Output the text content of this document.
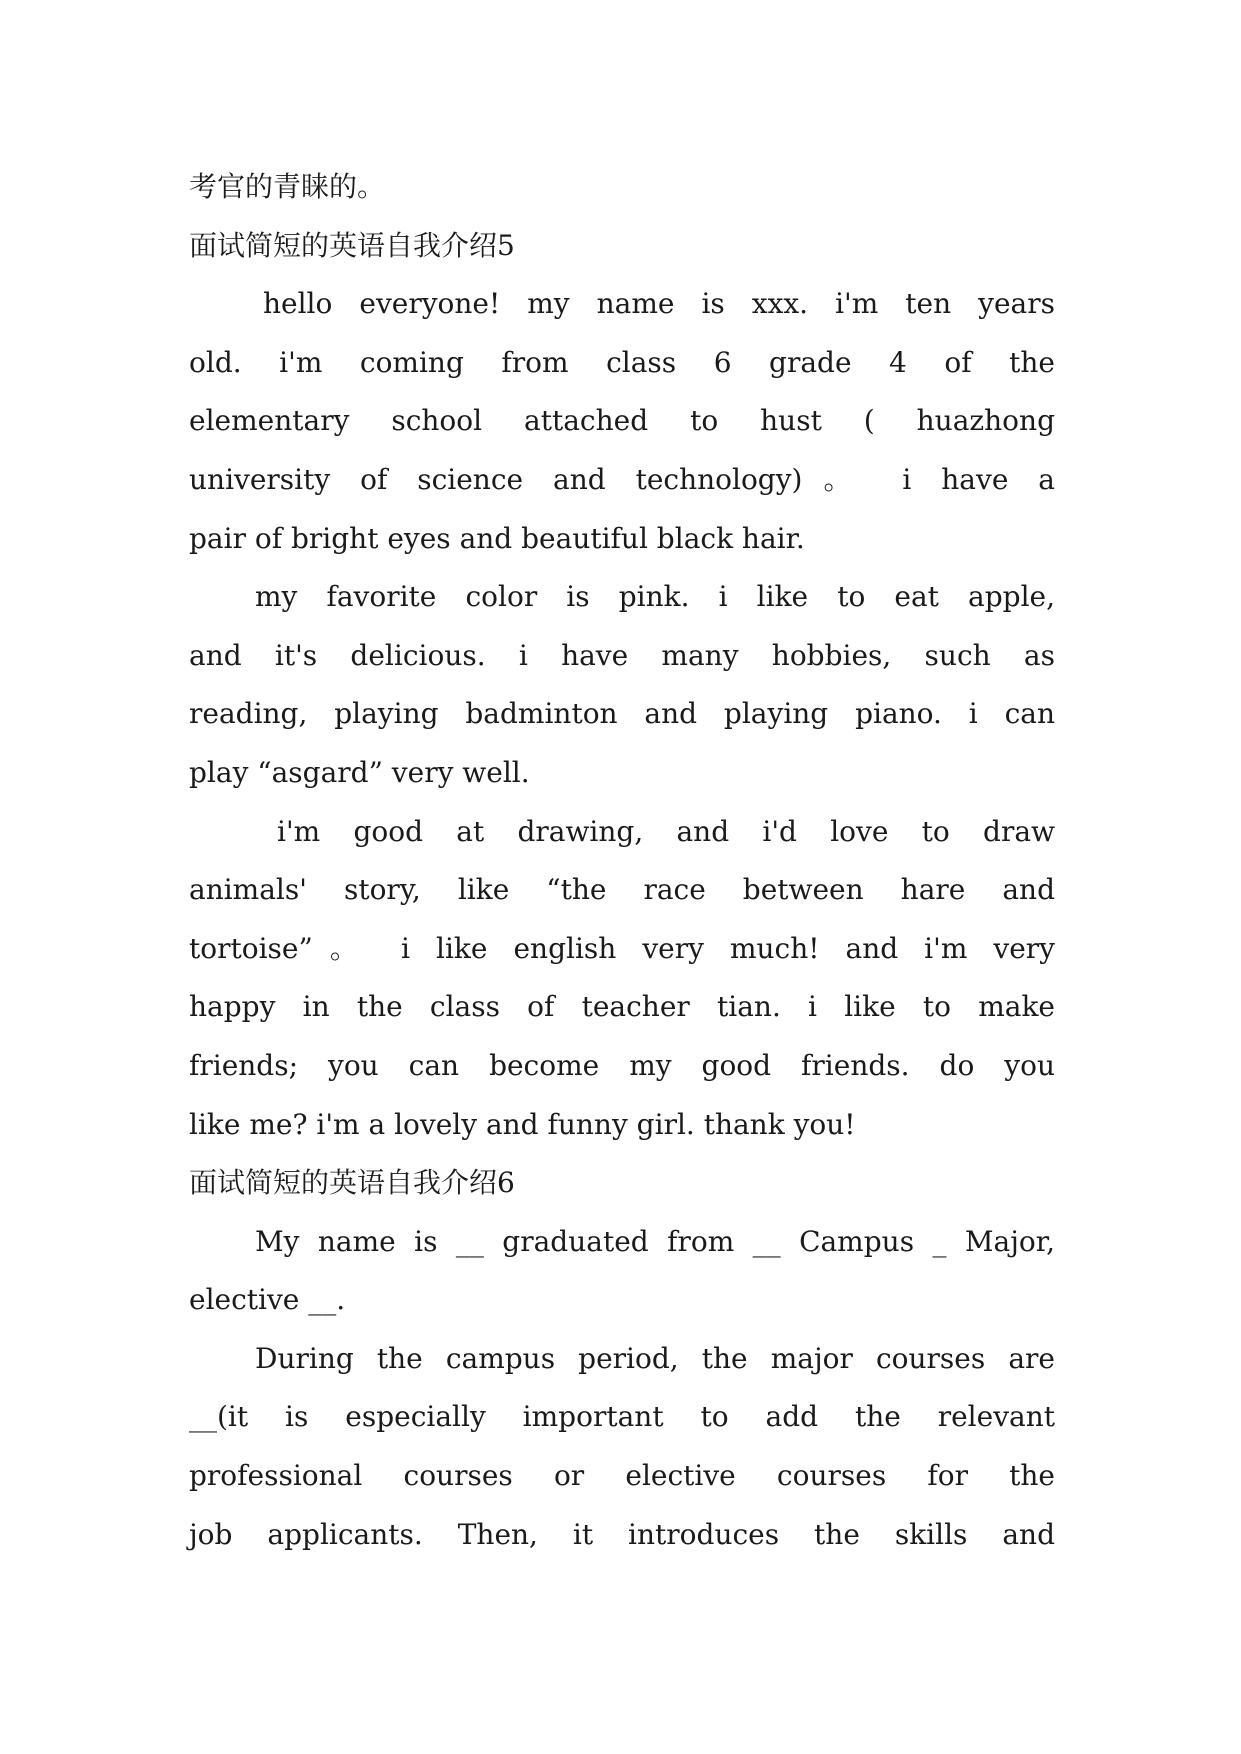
考官的青睐的。
面试简短的英语自我介绍5
hello everyone! my name is xxx. i'm ten years
old. i'm coming from class 6 grade 4 of the
elementary school attached to hust ( huazhong
university of science and technology)。 i have a
pair of bright eyes and beautiful black hair.
my favorite color is pink. i like to eat apple,
and it's delicious. i have many hobbies, such as
reading, playing badminton and playing piano. i can
play “asgard” very well.
i'm good at drawing, and i'd love to draw
animals' story, like “the race between hare and
tortoise”。 i like english very much! and i'm very
happy in the class of teacher tian. i like to make
friends; you can become my good friends. do you
like me? i'm a lovely and funny girl. thank you!
面试简短的英语自我介绍6
My name is __ graduated from __ Campus _ Major,
elective __.
During the campus period, the major courses are
__(it is especially important to add the relevant
professional courses or elective courses for the
job applicants. Then, it introduces the skills and
